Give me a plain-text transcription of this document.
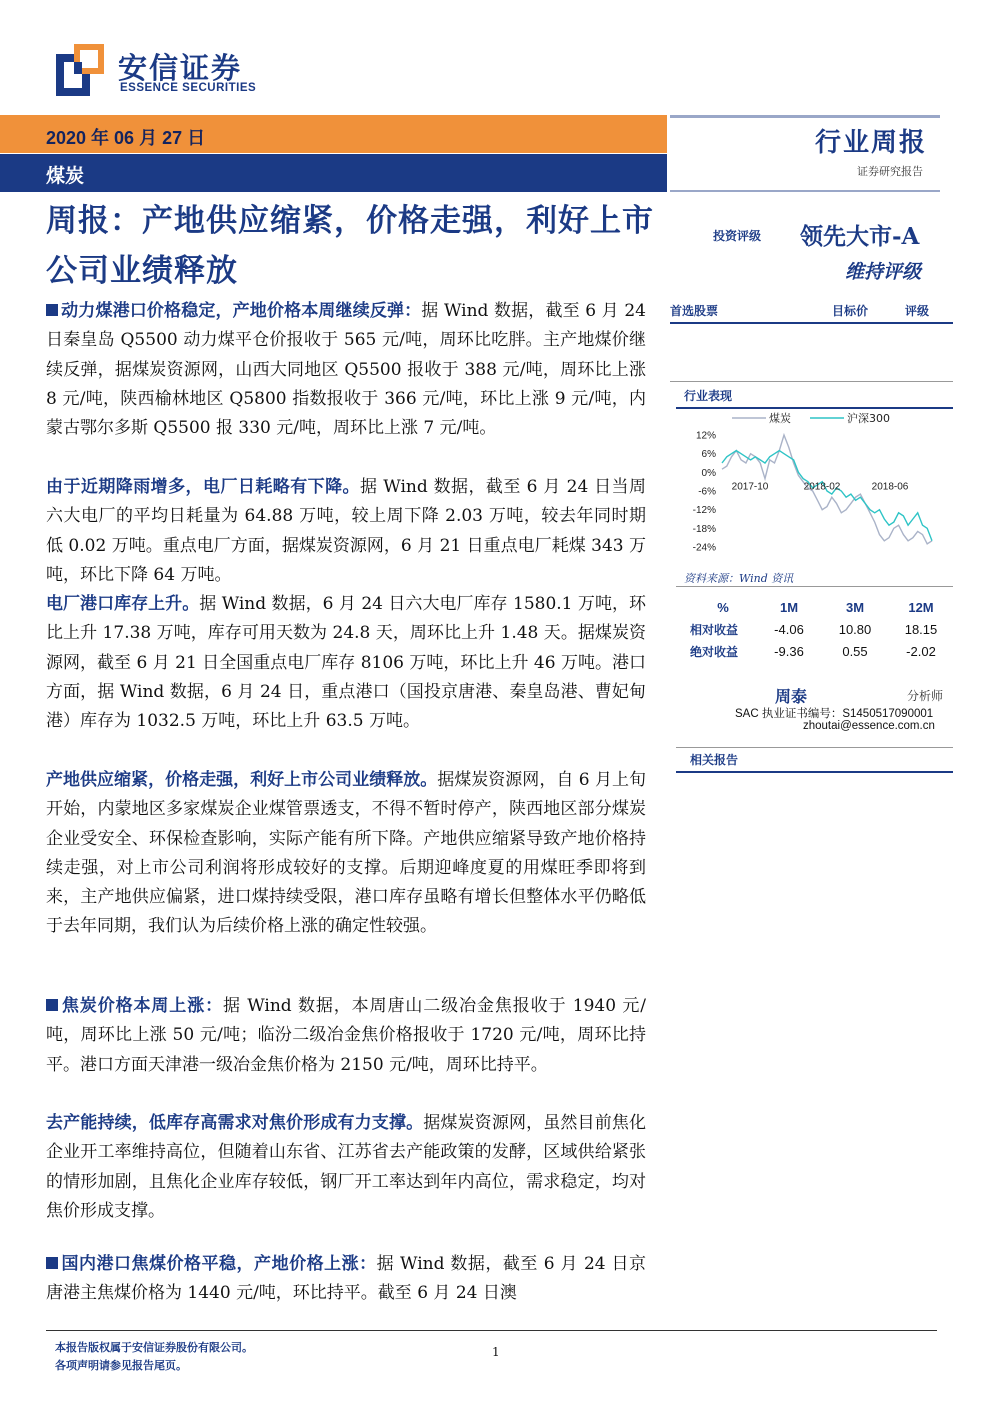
安信证券
ESSENCE SECURITIES
2020 年 06 月 27 日
煤炭
行业周报
证券研究报告
周报：产地供应缩紧，价格走强，利好上市公司业绩释放
投资评级 领先大市-A
维持评级
首选股票	目标价	评级
行业表现
煤炭	沪深300
2017-10	2018-02	2018-06
12%
6%
0%
-6%
-12%
-18%
-24%
资料来源：Wind 资讯
%	1M	3M	12M
相对收益	-4.06	10.80	18.15
绝对收益	-9.36	0.55	-2.02
周泰	分析师
SAC 执业证书编号：S1450517090001
zhoutai@essence.com.cn
相关报告
动力煤港口价格稳定，产地价格本周继续反弹：据 Wind 数据，截至 6 月 24 日秦皇岛 Q5500 动力煤平仓价报收于 565 元/吨，周环比吃胖。主产地煤价继续反弹，据煤炭资源网，山西大同地区 Q5500 报收于 388 元/吨，周环比上涨 8 元/吨，陕西榆林地区 Q5800 指数报收于 366 元/吨，环比上涨 9 元/吨，内蒙古鄂尔多斯 Q5500 报 330 元/吨，周环比上涨 7 元/吨。
由于近期降雨增多，电厂日耗略有下降。据 Wind 数据，截至 6 月 24 日当周六大电厂的平均日耗量为 64.88 万吨，较上周下降 2.03 万吨，较去年同时期低 0.02 万吨。重点电厂方面，据煤炭资源网，6 月 21 日重点电厂耗煤 343 万吨，环比下降 64 万吨。
电厂港口库存上升。据 Wind 数据，6 月 24 日六大电厂库存 1580.1 万吨，环比上升 17.38 万吨，库存可用天数为 24.8 天，周环比上升 1.48 天。据煤炭资源网，截至 6 月 21 日全国重点电厂库存 8106 万吨，环比上升 46 万吨。港口方面，据 Wind 数据，6 月 24 日，重点港口（国投京唐港、秦皇岛港、曹妃甸港）库存为 1032.5 万吨，环比上升 63.5 万吨。
产地供应缩紧，价格走强，利好上市公司业绩释放。据煤炭资源网，自 6 月上旬开始，内蒙地区多家煤炭企业煤管票透支，不得不暂时停产，陕西地区部分煤炭企业受安全、环保检查影响，实际产能有所下降。产地供应缩紧导致产地价格持续走强，对上市公司利润将形成较好的支撑。后期迎峰度夏的用煤旺季即将到来，主产地供应偏紧，进口煤持续受限，港口库存虽略有增长但整体水平仍略低于去年同期，我们认为后续价格上涨的确定性较强。
焦炭价格本周上涨：据 Wind 数据，本周唐山二级冶金焦报收于 1940 元/吨，周环比上涨 50 元/吨；临汾二级冶金焦价格报收于 1720 元/吨，周环比持平。港口方面天津港一级冶金焦价格为 2150 元/吨，周环比持平。
去产能持续，低库存高需求对焦价形成有力支撑。据煤炭资源网，虽然目前焦化企业开工率维持高位，但随着山东省、江苏省去产能政策的发酵，区域供给紧张的情形加剧，且焦化企业库存较低，钢厂开工率达到年内高位，需求稳定，均对焦价形成支撑。
国内港口焦煤价格平稳，产地价格上涨：据 Wind 数据，截至 6 月 24 日京唐港主焦煤价格为 1440 元/吨，环比持平。截至 6 月 24 日澳
本报告版权属于安信证券股份有限公司。
各项声明请参见报告尾页。
1
